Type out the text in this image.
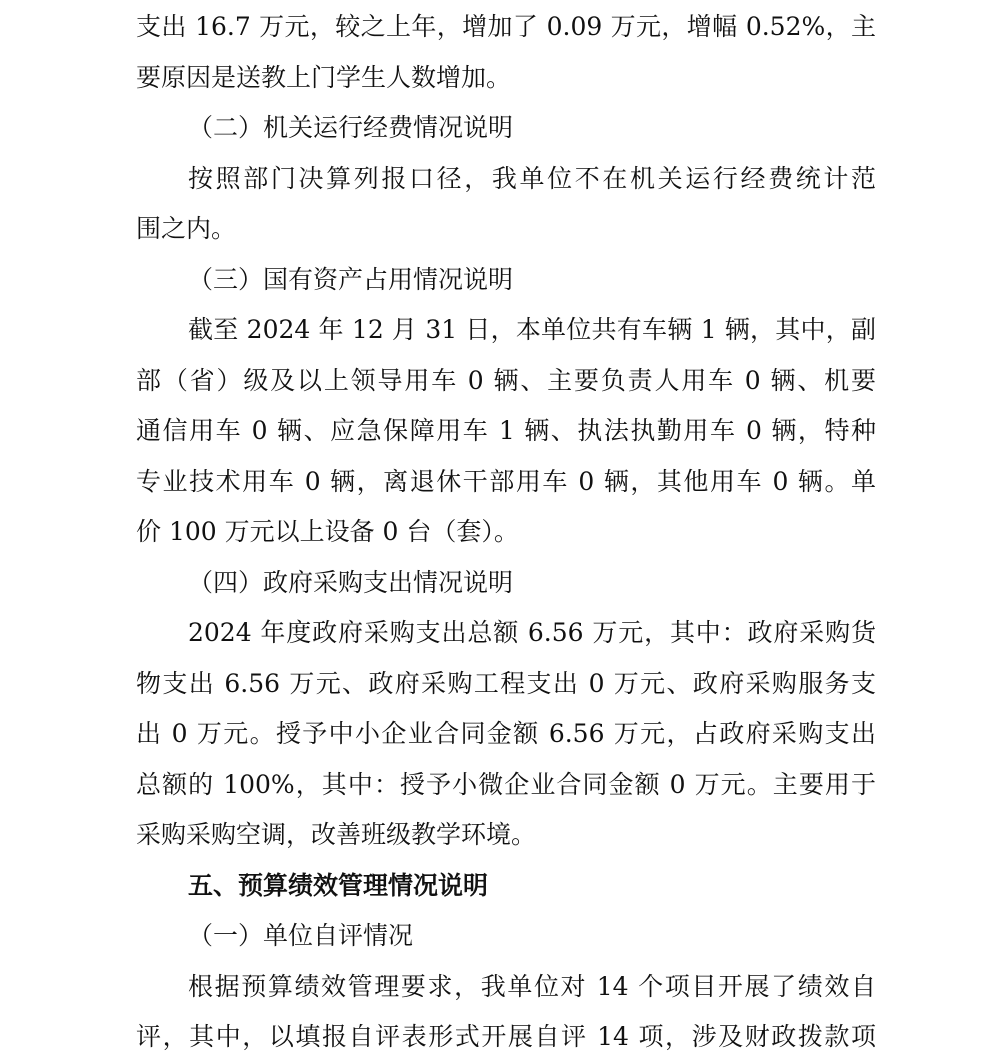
支出 16.7 万元，较之上年，增加了 0.09 万元，增幅 0.52%，主
要原因是送教上门学生人数增加。
（二）机关运行经费情况说明
按照部门决算列报口径，我单位不在机关运行经费统计范
围之内。
（三）国有资产占用情况说明
截至 2024 年 12 月 31 日，本单位共有车辆 1 辆，其中，副
部（省）级及以上领导用车 0 辆、主要负责人用车 0 辆、机要
通信用车 0 辆、应急保障用车 1 辆、执法执勤用车 0 辆，特种
专业技术用车 0 辆，离退休干部用车 0 辆，其他用车 0 辆。单
价 100 万元以上设备 0 台（套）。
（四）政府采购支出情况说明
2024 年度政府采购支出总额 6.56 万元，其中：政府采购货
物支出 6.56 万元、政府采购工程支出 0 万元、政府采购服务支
出 0 万元。授予中小企业合同金额 6.56 万元，占政府采购支出
总额的 100%，其中：授予小微企业合同金额 0 万元。主要用于
采购采购空调，改善班级教学环境。
五、预算绩效管理情况说明
（一）单位自评情况
根据预算绩效管理要求，我单位对 14 个项目开展了绩效自
评，其中，以填报自评表形式开展自评 14 项，涉及财政拨款项
